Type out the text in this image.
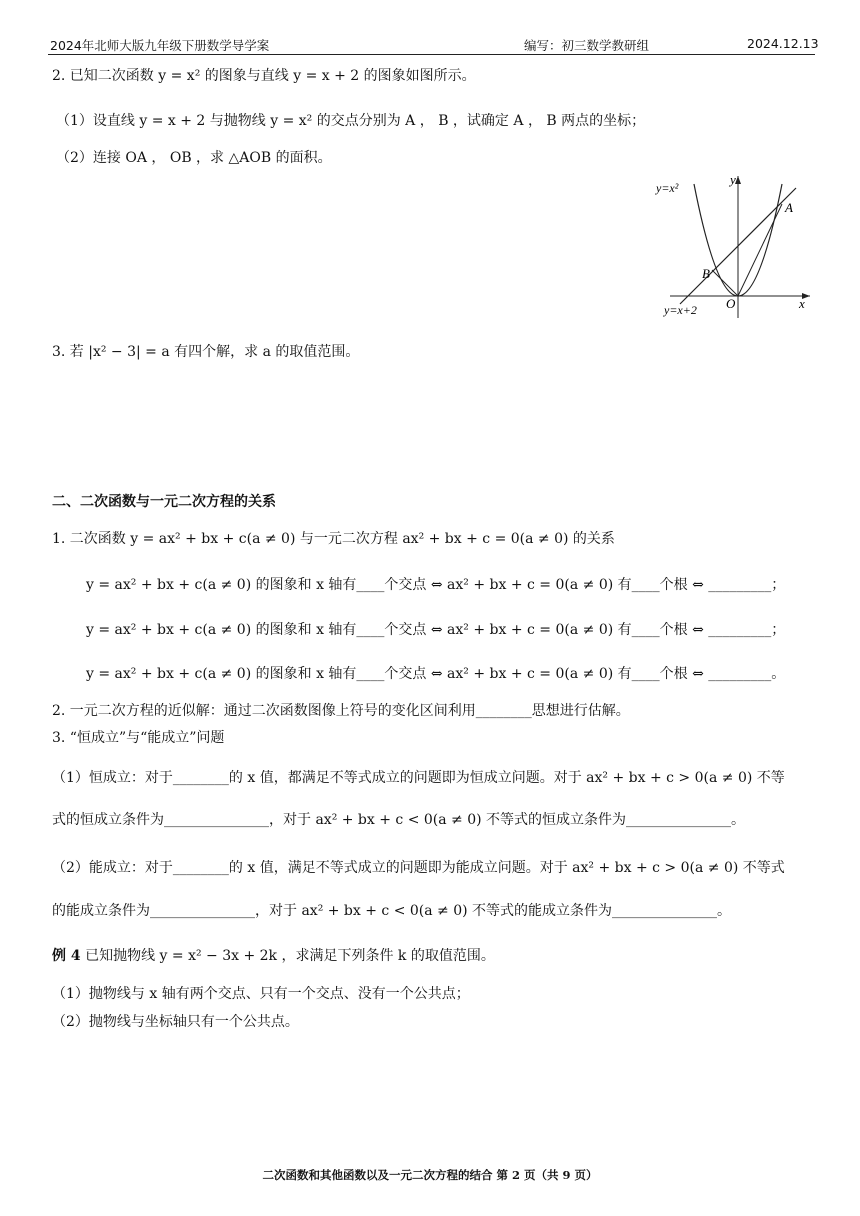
2024年北师大版九年级下册数学导学案	编写：初三数学教研组	2024.12.13
2. 已知二次函数 y = x² 的图象与直线 y = x + 2 的图象如图所示。
（1）设直线 y = x + 2 与抛物线 y = x² 的交点分别为 A ， B ，试确定 A ， B 两点的坐标；
（2）连接 OA ， OB ，求 △AOB 的面积。
y=x²
y=x+2
y
x
O
A
B
3. 若 |x² − 3| = a 有四个解，求 a 的取值范围。
二、二次函数与一元二次方程的关系
1. 二次函数 y = ax² + bx + c(a ≠ 0) 与一元二次方程 ax² + bx + c = 0(a ≠ 0) 的关系
y = ax² + bx + c(a ≠ 0) 的图象和 x 轴有____个交点 ⇔ ax² + bx + c = 0(a ≠ 0) 有____个根 ⇔ _________；
y = ax² + bx + c(a ≠ 0) 的图象和 x 轴有____个交点 ⇔ ax² + bx + c = 0(a ≠ 0) 有____个根 ⇔ _________；
y = ax² + bx + c(a ≠ 0) 的图象和 x 轴有____个交点 ⇔ ax² + bx + c = 0(a ≠ 0) 有____个根 ⇔ _________。
2. 一元二次方程的近似解：通过二次函数图像上符号的变化区间利用________思想进行估解。
3. “恒成立”与“能成立”问题
（1）恒成立：对于________的 x 值，都满足不等式成立的问题即为恒成立问题。对于 ax² + bx + c > 0(a ≠ 0) 不等
式的恒成立条件为_______________，对于 ax² + bx + c < 0(a ≠ 0) 不等式的恒成立条件为_______________。
（2）能成立：对于________的 x 值，满足不等式成立的问题即为能成立问题。对于 ax² + bx + c > 0(a ≠ 0) 不等式
的能成立条件为_______________，对于 ax² + bx + c < 0(a ≠ 0) 不等式的能成立条件为_______________。
例 4 已知抛物线 y = x² − 3x + 2k ，求满足下列条件 k 的取值范围。
（1）抛物线与 x 轴有两个交点、只有一个交点、没有一个公共点；
（2）抛物线与坐标轴只有一个公共点。
二次函数和其他函数以及一元二次方程的结合 第 2 页（共 9 页）
